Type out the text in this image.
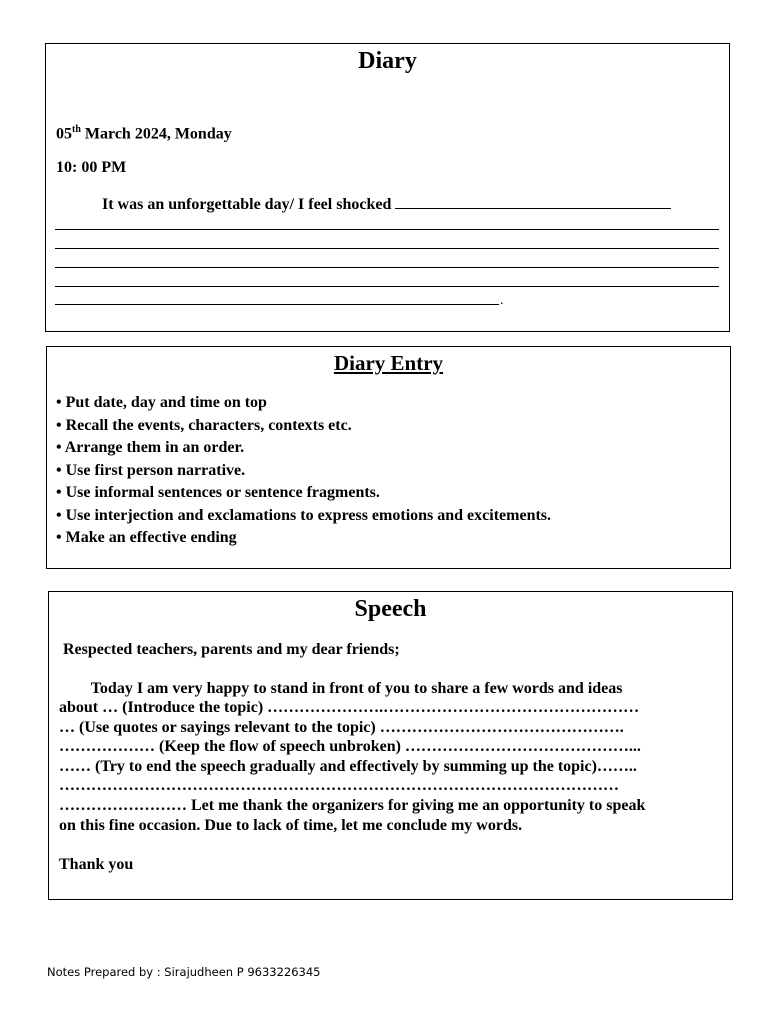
Diary
05th March 2024, Monday
10: 00 PM
It was an unforgettable day/ I feel shocked
.
Diary Entry
• Put date, day and time on top
• Recall the events, characters, contexts etc.
• Arrange them in an order.
• Use first person narrative.
• Use informal sentences or sentence fragments.
• Use interjection and exclamations to express emotions and excitements.
• Make an effective ending
Speech
Respected teachers, parents and my dear friends;
Today I am very happy to stand in front of you to share a few words and ideas
about … (Introduce the topic) ………………….…………………………………………
… (Use quotes or sayings relevant to the topic) ……………………………………….
……………… (Keep the flow of speech unbroken) ……………………………………...
…… (Try to end the speech gradually and effectively by summing up the topic)……..
……………………………………………………………………………………………
…………………… Let me thank the organizers for giving me an opportunity to speak
on this fine occasion. Due to lack of time, let me conclude my words.
Thank you
Notes Prepared by : Sirajudheen P 9633226345
